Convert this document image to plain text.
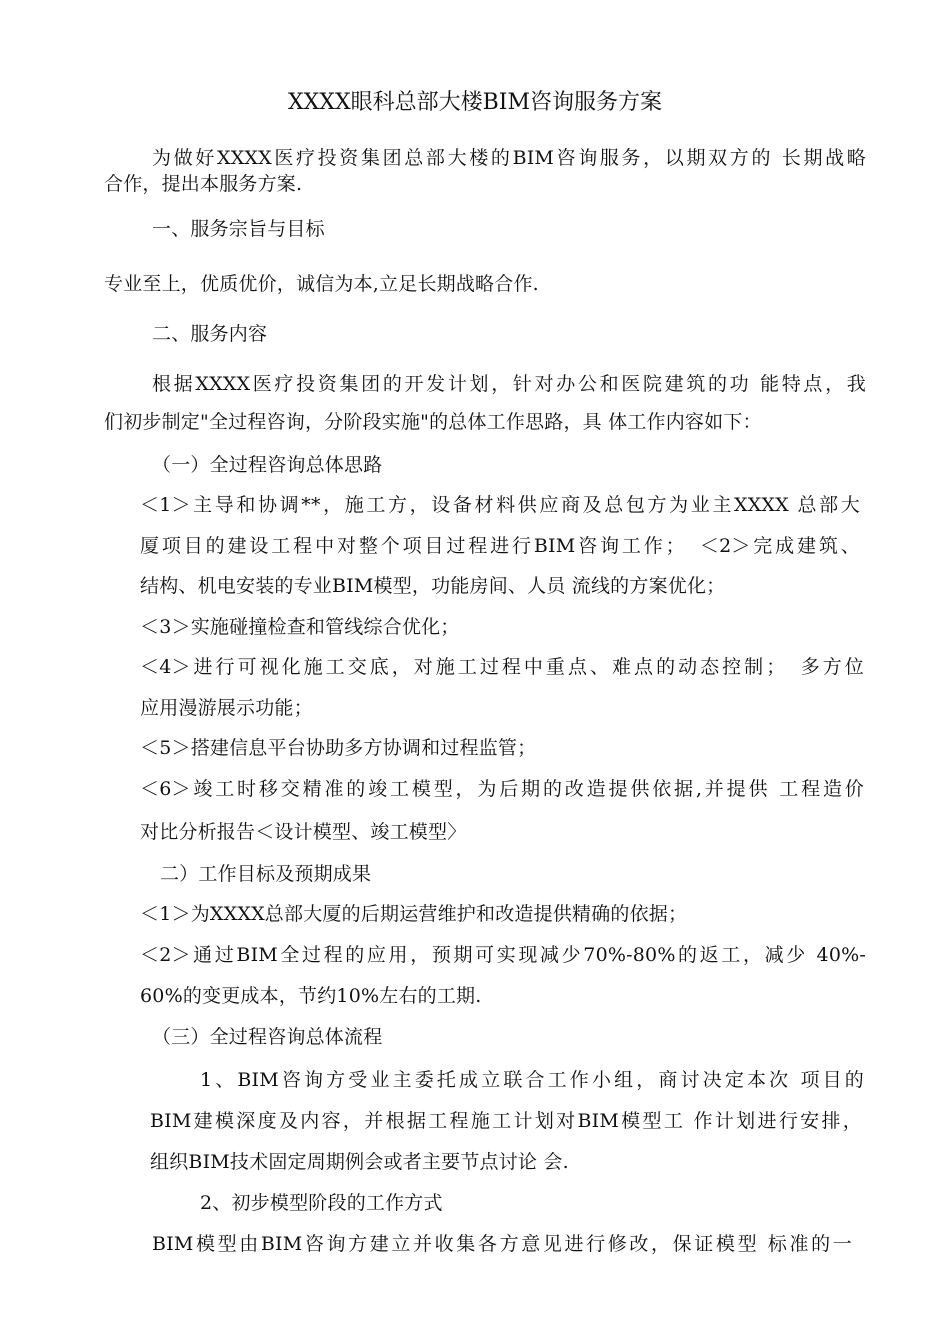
XXXX眼科总部大楼BIM咨询服务方案
为做好XXXX医疗投资集团总部大楼的BIM咨询服务，以期双方的 长期战略
合作，提出本服务方案.
一、服务宗旨与目标
专业至上，优质优价，诚信为本,立足长期战略合作.
二、服务内容
根据XXXX医疗投资集团的开发计划，针对办公和医院建筑的功 能特点，我
们初步制定"全过程咨询，分阶段实施"的总体工作思路，具 体工作内容如下：
（一）全过程咨询总体思路
＜1＞主导和协调**，施工方，设备材料供应商及总包方为业主XXXX 总部大
厦项目的建设工程中对整个项目过程进行BIM咨询工作；　＜2＞完成建筑、
结构、机电安装的专业BIM模型，功能房间、人员 流线的方案优化；
＜3＞实施碰撞检查和管线综合优化；
＜4＞进行可视化施工交底，对施工过程中重点、难点的动态控制；　多方位
应用漫游展示功能；
＜5＞搭建信息平台协助多方协调和过程监管；
＜6＞竣工时移交精准的竣工模型，为后期的改造提供依据,并提供 工程造价
对比分析报告＜设计模型、竣工模型〉
二）工作目标及预期成果
＜1＞为XXXX总部大厦的后期运营维护和改造提供精确的依据；
＜2＞通过BIM全过程的应用，预期可实现减少70%-80%的返工，减少 40%-
60%的变更成本，节约10%左右的工期.
（三）全过程咨询总体流程
1、BIM咨询方受业主委托成立联合工作小组，商讨决定本次 项目的
BIM建模深度及内容，并根据工程施工计划对BIM模型工 作计划进行安排，
组织BIM技术固定周期例会或者主要节点讨论 会.
2、初步模型阶段的工作方式
BIM模型由BIM咨询方建立并收集各方意见进行修改，保证模型 标准的一
